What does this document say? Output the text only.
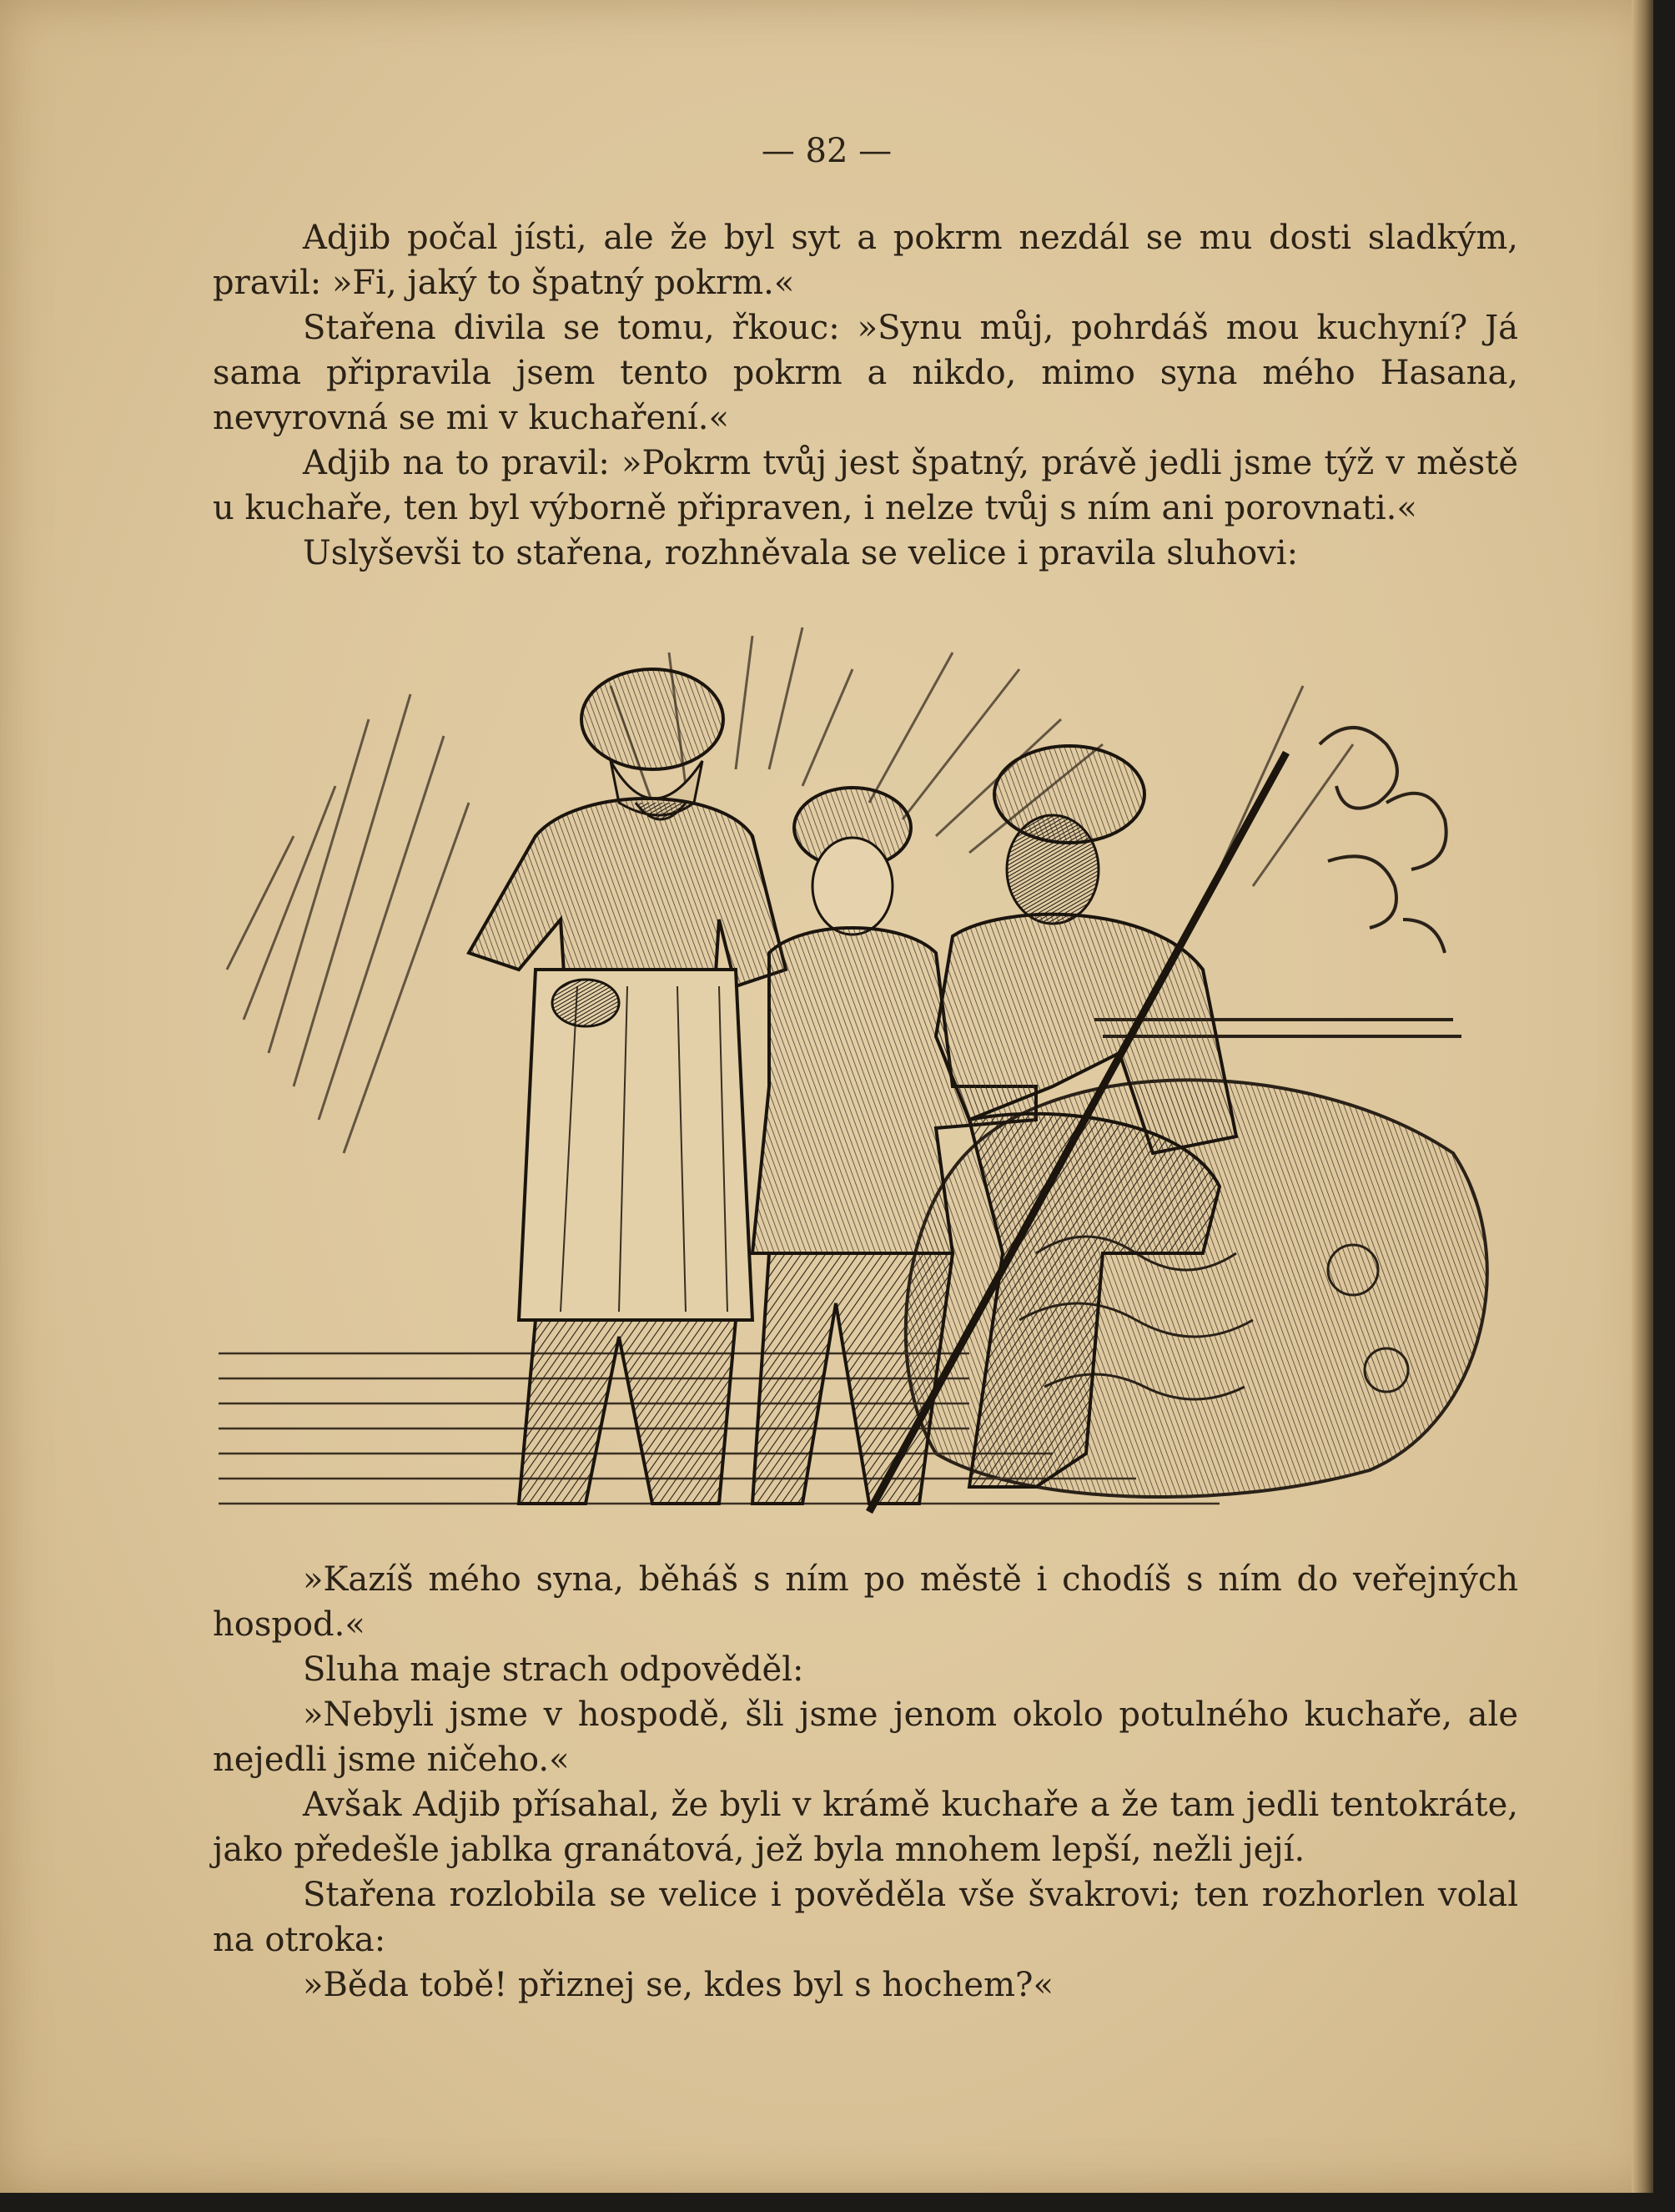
— 82 —

Adjib počal jísti, ale že byl syt a pokrm nezdál se mu dosti sladkým, pravil: »Fi, jaký to špatný pokrm.«

Stařena divila se tomu, řkouc: »Synu můj, pohrdáš mou kuchyní? Já sama připravila jsem tento pokrm a nikdo, mimo syna mého Hasana, nevyrovná se mi v kuchaření.«

Adjib na to pravil: »Pokrm tvůj jest špatný, právě jedli jsme týž v městě u kuchaře, ten byl výborně připraven, i nelze tvůj s ním ani porovnati.«

Uslyševši to stařena, rozhněvala se velice i pravila sluhovi:

»Kazíš mého syna, běháš s ním po městě i chodíš s ním do veřejných hospod.«

Sluha maje strach odpověděl:

»Nebyli jsme v hospodě, šli jsme jenom okolo potulného kuchaře, ale nejedli jsme ničeho.«

Avšak Adjib přísahal, že byli v krámě kuchaře a že tam jedli tentokráte, jako předešle jablka granátová, jež byla mnohem lepší, nežli její.

Stařena rozlobila se velice i pověděla vše švakrovi; ten rozhorlen volal na otroka:

»Běda tobě! přiznej se, kdes byl s hochem?«
